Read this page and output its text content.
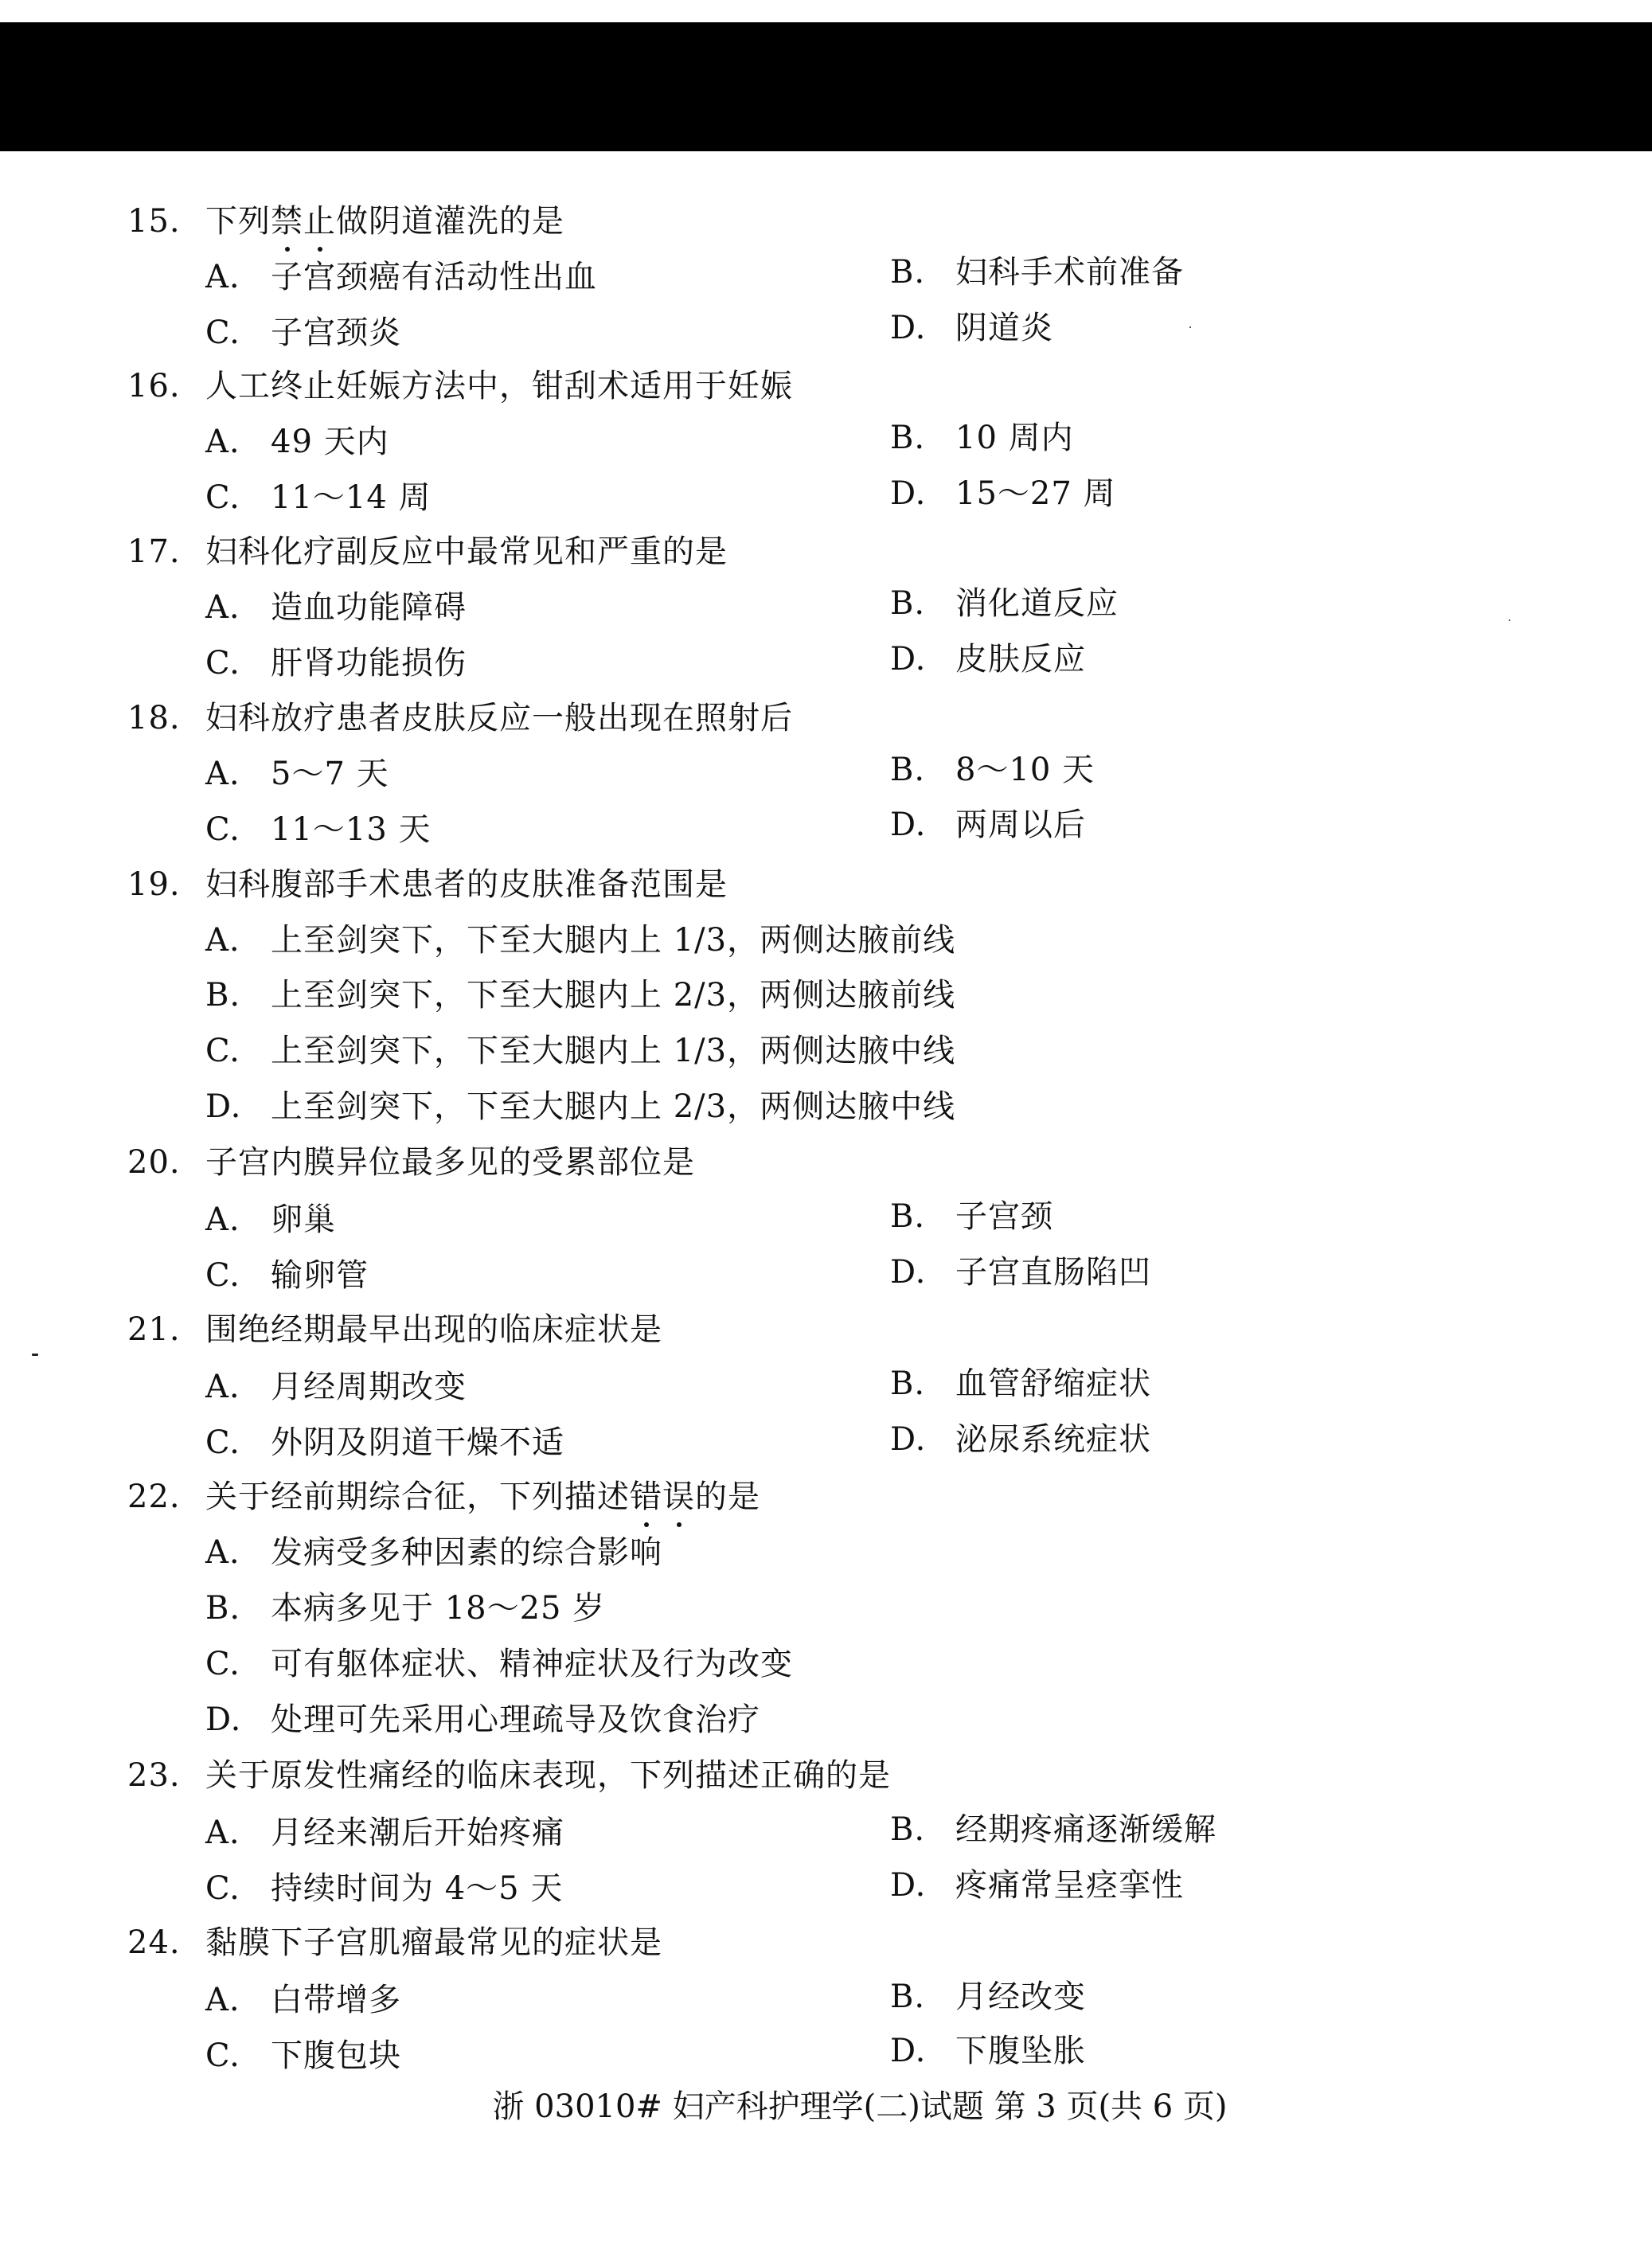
15. 下列禁止做阴道灌洗的是
A. 子宫颈癌有活动性出血	B. 妇科手术前准备
C. 子宫颈炎	D. 阴道炎
16. 人工终止妊娠方法中，钳刮术适用于妊娠
A. 49 天内	B. 10 周内
C. 11～14 周	D. 15～27 周
17. 妇科化疗副反应中最常见和严重的是
A. 造血功能障碍	B. 消化道反应
C. 肝肾功能损伤	D. 皮肤反应
18. 妇科放疗患者皮肤反应一般出现在照射后
A. 5～7 天	B. 8～10 天
C. 11～13 天	D. 两周以后
19. 妇科腹部手术患者的皮肤准备范围是
A. 上至剑突下，下至大腿内上 1/3，两侧达腋前线
B. 上至剑突下，下至大腿内上 2/3，两侧达腋前线
C. 上至剑突下，下至大腿内上 1/3，两侧达腋中线
D. 上至剑突下，下至大腿内上 2/3，两侧达腋中线
20. 子宫内膜异位最多见的受累部位是
A. 卵巢	B. 子宫颈
C. 输卵管	D. 子宫直肠陷凹
21. 围绝经期最早出现的临床症状是
A. 月经周期改变	B. 血管舒缩症状
C. 外阴及阴道干燥不适	D. 泌尿系统症状
22. 关于经前期综合征，下列描述错误的是
A. 发病受多种因素的综合影响
B. 本病多见于 18～25 岁
C. 可有躯体症状、精神症状及行为改变
D. 处理可先采用心理疏导及饮食治疗
23. 关于原发性痛经的临床表现，下列描述正确的是
A. 月经来潮后开始疼痛	B. 经期疼痛逐渐缓解
C. 持续时间为 4～5 天	D. 疼痛常呈痉挛性
24. 黏膜下子宫肌瘤最常见的症状是
A. 白带增多	B. 月经改变
C. 下腹包块	D. 下腹坠胀
浙 03010# 妇产科护理学(二)试题 第 3 页(共 6 页)
